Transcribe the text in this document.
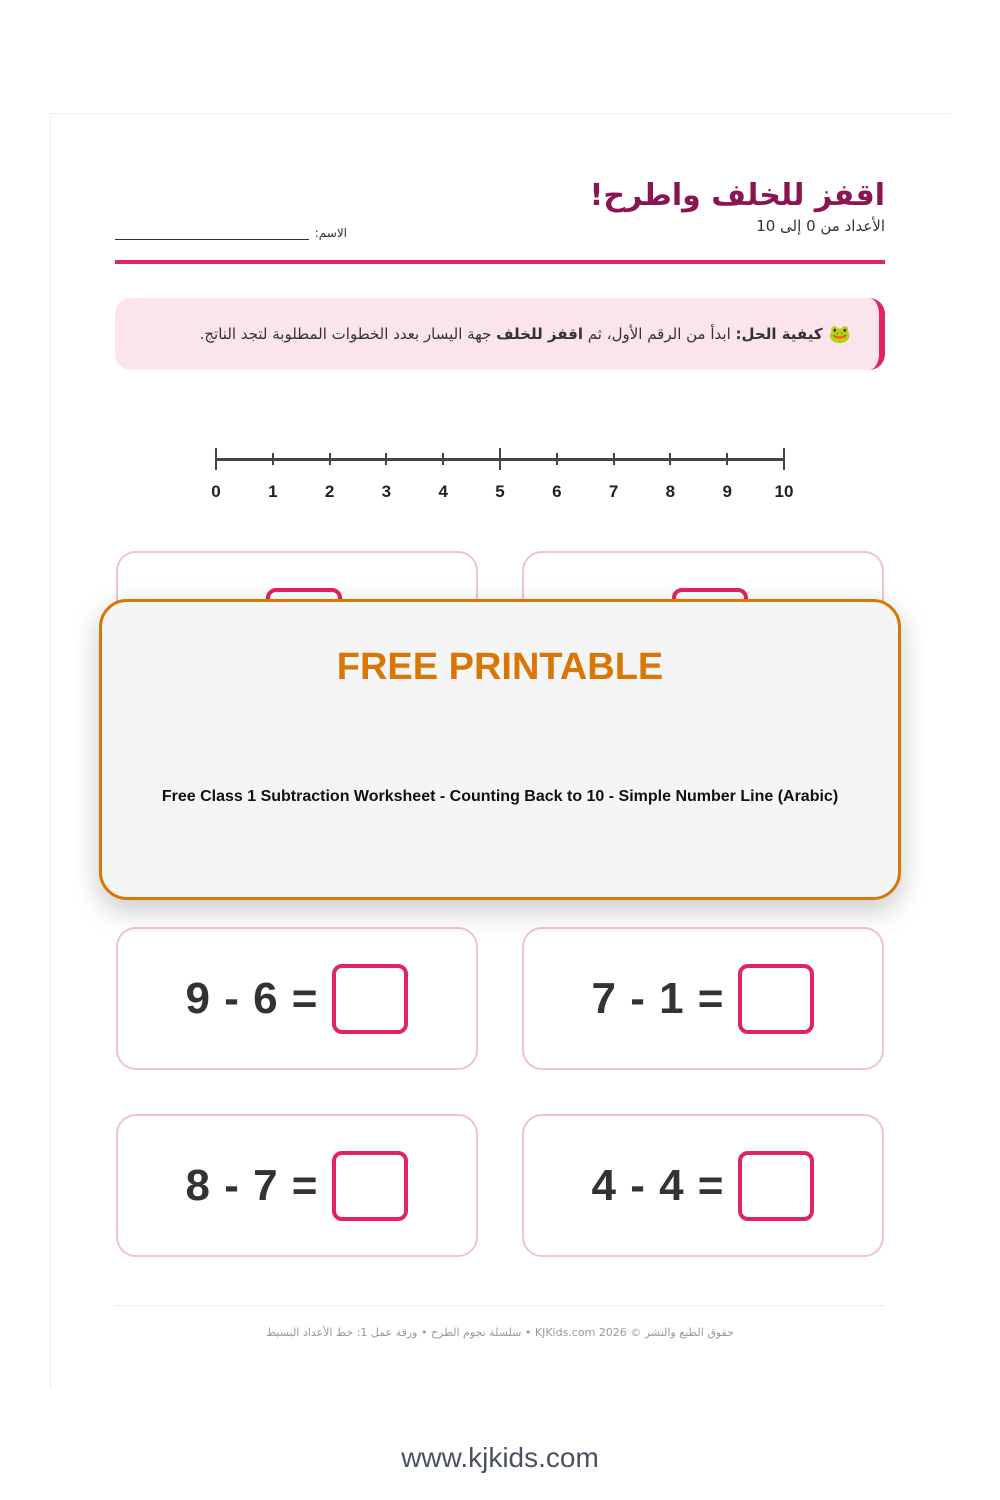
اقفز للخلف واطرح!
الأعداد من 0 إلى 10
الاسم:
🐸
كيفية الحل: ابدأ من الرقم الأول، ثم اقفز للخلف جهة اليسار بعدد الخطوات المطلوبة لتجد الناتج.
0	1	2	3	4	5	6	7	8	9	10
9 - 6 =	7 - 1 =
8 - 7 =	4 - 4 =
FREE PRINTABLE
Free Class 1 Subtraction Worksheet - Counting Back to 10 - Simple Number Line (Arabic)
حقوق الطبع والنشر © 2026 KJKids.com • سلسلة نجوم الطرح • ورقة عمل 1: خط الأعداد البسيط
www.kjkids.com
